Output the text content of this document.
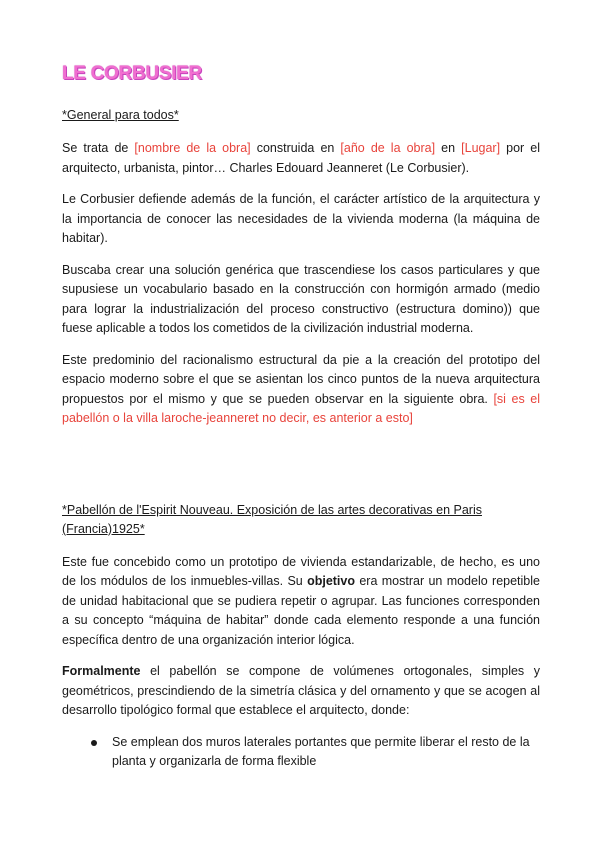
LE CORBUSIER
*General para todos*

Se trata de [nombre de la obra] construida en [año de la obra] en [Lugar] por el arquitecto, urbanista, pintor… Charles Edouard Jeanneret (Le Corbusier).

Le Corbusier defiende además de la función, el carácter artístico de la arquitectura y la importancia de conocer las necesidades de la vivienda moderna (la máquina de habitar).

Buscaba crear una solución genérica que trascendiese los casos particulares y que supusiese un vocabulario basado en la construcción con hormigón armado (medio para lograr la industrialización del proceso constructivo (estructura domino)) que fuese aplicable a todos los cometidos de la civilización industrial moderna.

Este predominio del racionalismo estructural da pie a la creación del prototipo del espacio moderno sobre el que se asientan los cinco puntos de la nueva arquitectura propuestos por el mismo y que se pueden observar en la siguiente obra. [si es el pabellón o la villa laroche-jeanneret no decir, es anterior a esto]

*Pabellón de l'Espirit Nouveau. Exposición de las artes decorativas en Paris (Francia)1925*

Este fue concebido como un prototipo de vivienda estandarizable, de hecho, es uno de los módulos de los inmuebles-villas. Su objetivo era mostrar un modelo repetible de unidad habitacional que se pudiera repetir o agrupar. Las funciones corresponden a su concepto “máquina de habitar” donde cada elemento responde a una función específica dentro de una organización interior lógica.

Formalmente el pabellón se compone de volúmenes ortogonales, simples y geométricos, prescindiendo de la simetría clásica y del ornamento y que se acogen al desarrollo tipológico formal que establece el arquitecto, donde:

Se emplean dos muros laterales portantes que permite liberar el resto de la planta y organizarla de forma flexible
